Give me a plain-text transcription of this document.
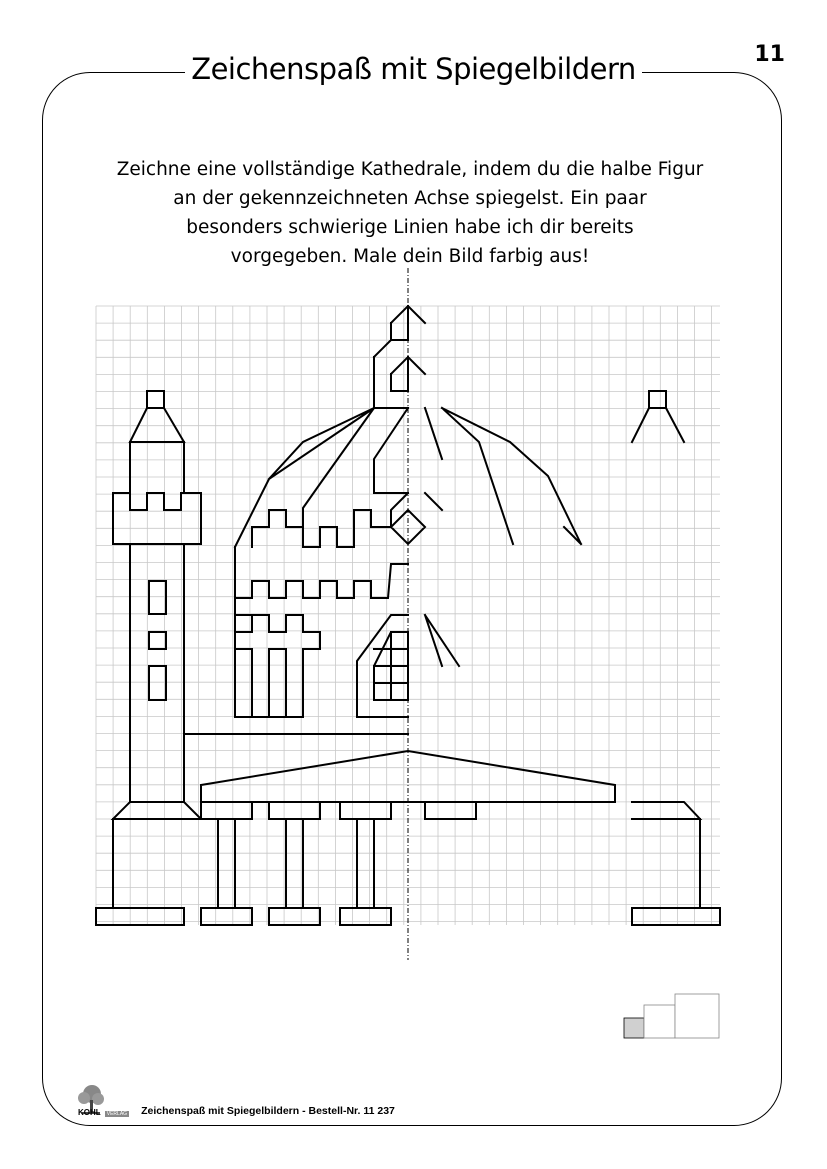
Zeichenspaß mit Spiegelbildern	11
Zeichne eine vollständige Kathedrale, indem du die halbe Figur
an der gekennzeichneten Achse spiegelst. Ein paar
besonders schwierige Linien habe ich dir bereits
vorgegeben. Male dein Bild farbig aus!
KOHL VERLAG Zeichenspaß mit Spiegelbildern - Bestell-Nr. 11 237
